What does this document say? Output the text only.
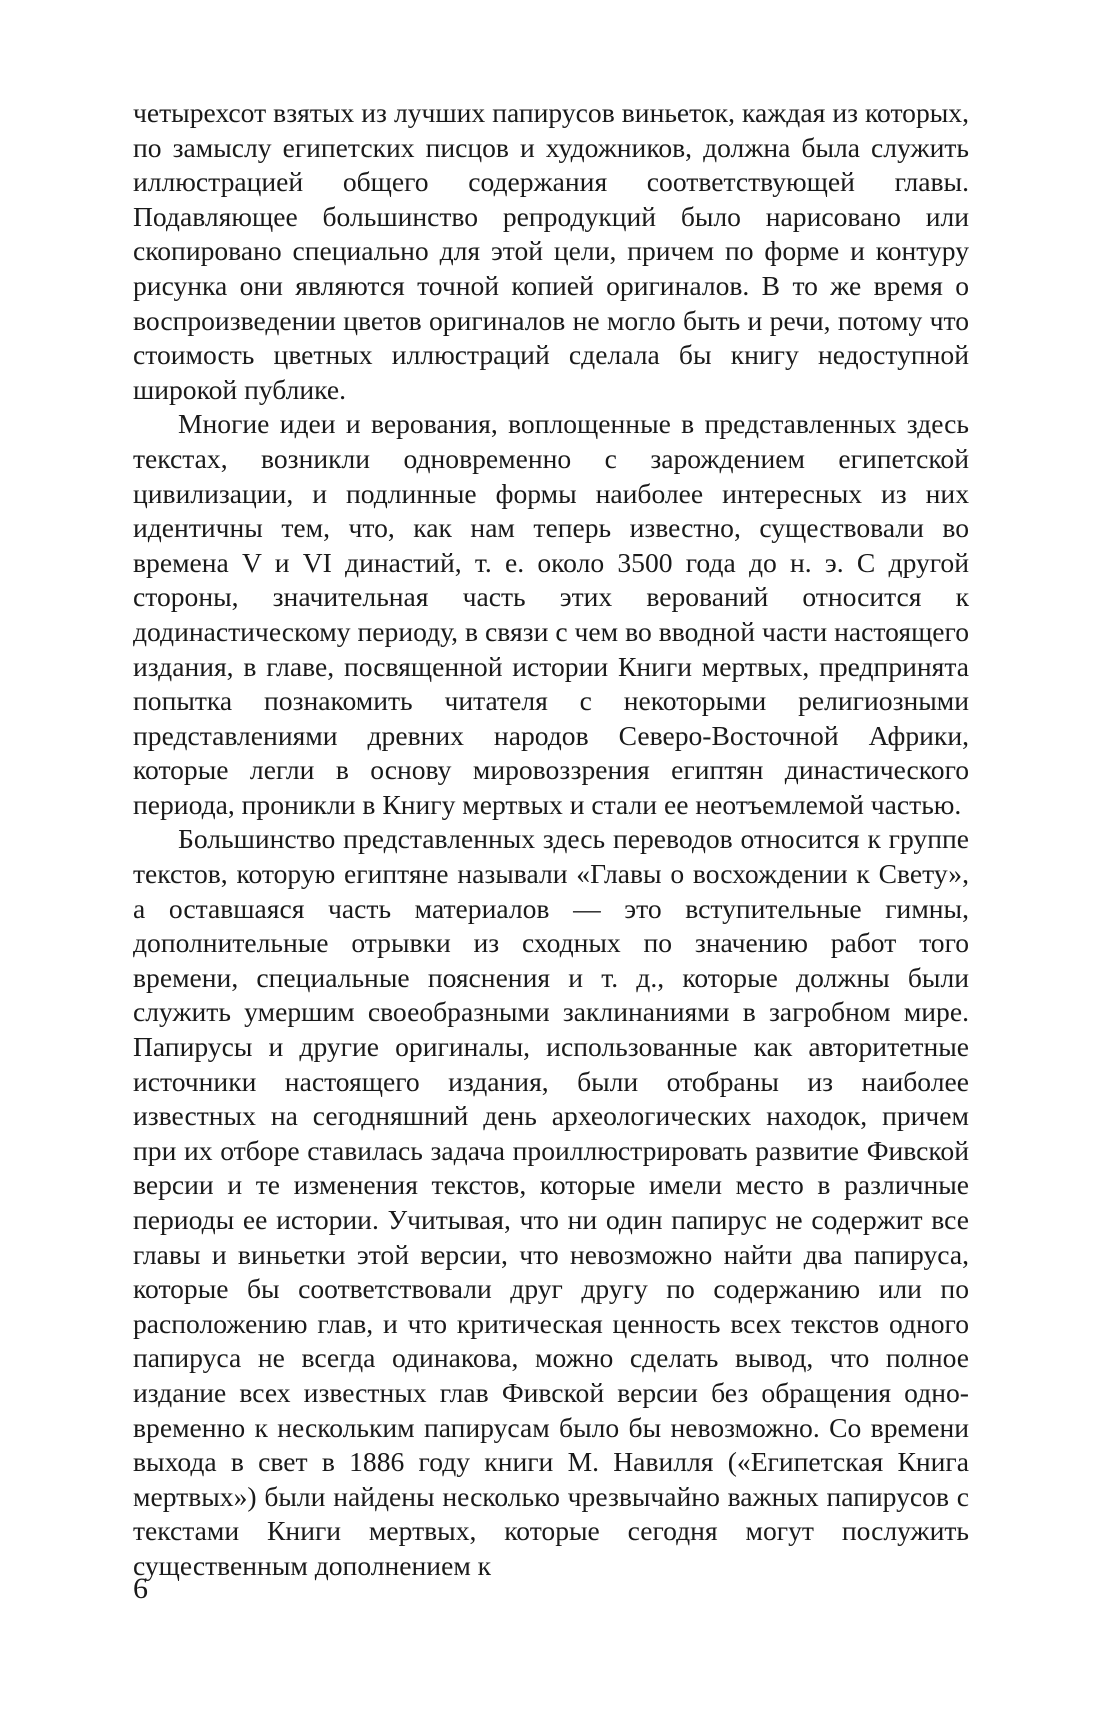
четырехсот взятых из лучших папирусов виньеток, каждая из которых, по замыслу египетских писцов и художников, должна была служить иллюстрацией общего содержания соответствующей главы. Подавляющее большинство репродукций было нарисовано или скопировано специально для этой цели, причем по форме и контуру рисунка они являются точной копией оригиналов. В то же время о воспроизведении цветов оригиналов не могло быть и речи, потому что стоимость цветных иллюстраций сделала бы книгу недоступной широкой публике.

Многие идеи и верования, воплощенные в представленных здесь текстах, возникли одновременно с зарождением египетской цивилизации, и подлинные формы наиболее интересных из них идентичны тем, что, как нам теперь известно, существовали во времена V и VI династий, т. е. около 3500 года до н. э. С другой стороны, значительная часть этих верований относится к додинастическому периоду, в связи с чем во вводной части настоящего издания, в главе, посвященной истории Книги мертвых, предпринята попытка познакомить читателя с некоторыми религиозными представлениями древних народов Северо-Восточной Африки, которые легли в основу мировоззрения египтян династического периода, проникли в Книгу мертвых и стали ее неотъемлемой частью.

Большинство представленных здесь переводов относится к группе текстов, которую египтяне называли «Главы о восхождении к Свету», а оставшаяся часть материалов — это вступительные гимны, дополнительные отрывки из сходных по значению работ того времени, специальные пояснения и т. д., которые должны были служить умершим своеобразными заклинаниями в загробном мире. Папирусы и другие оригиналы, использованные как авторитетные источники настоящего издания, были отобраны из наиболее известных на сегодняшний день археологических находок, причем при их отборе ставилась задача проиллюстрировать развитие Фивской версии и те изменения текстов, которые имели место в различные периоды ее истории. Учитывая, что ни один папирус не содержит все главы и виньетки этой версии, что невозможно найти два папируса, которые бы соответствовали друг другу по содержанию или по расположению глав, и что критическая ценность всех текстов одного папируса не всегда одинакова, можно сделать вывод, что полное издание всех известных глав Фивской версии без обращения одновременно к нескольким папирусам было бы невозможно. Со времени выхода в свет в 1886 году книги М. Навилля («Египетская Книга мертвых») были найдены несколько чрезвычайно важных папирусов с текстами Книги мертвых, которые сегодня могут послужить существенным дополнением к

6
